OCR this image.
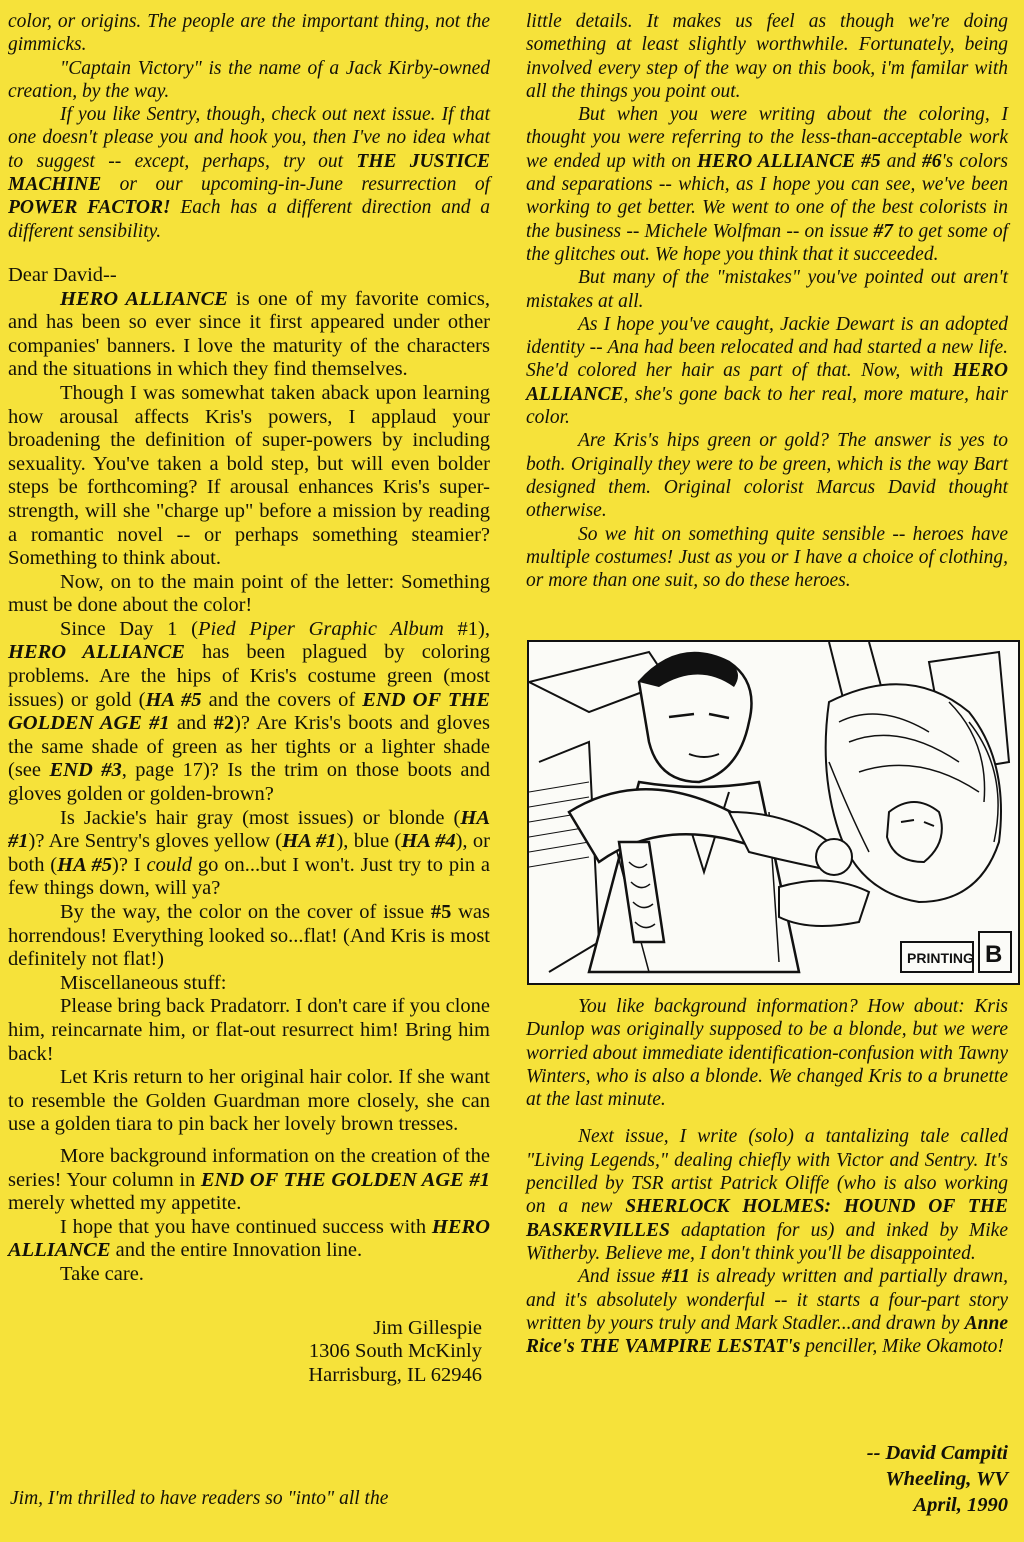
color, or origins. The people are the important thing, not the gimmicks.

"Captain Victory" is the name of a Jack Kirby-owned creation, by the way.

If you like Sentry, though, check out next issue. If that one doesn't please you and hook you, then I've no idea what to suggest -- except, perhaps, try out THE JUSTICE MACHINE or our upcoming-in-June resurrection of POWER FACTOR! Each has a different direction and a different sensibility.

Dear David--

HERO ALLIANCE is one of my favorite comics, and has been so ever since it first appeared under other companies' banners. I love the maturity of the characters and the situations in which they find themselves.

Though I was somewhat taken aback upon learning how arousal affects Kris's powers, I applaud your broadening the definition of super-powers by including sexuality. You've taken a bold step, but will even bolder steps be forthcoming? If arousal enhances Kris's super-strength, will she "charge up" before a mission by reading a romantic novel -- or perhaps something steamier? Something to think about.

Now, on to the main point of the letter: Something must be done about the color!

Since Day 1 (Pied Piper Graphic Album #1), HERO ALLIANCE has been plagued by coloring problems. Are the hips of Kris's costume green (most issues) or gold (HA #5 and the covers of END OF THE GOLDEN AGE #1 and #2)? Are Kris's boots and gloves the same shade of green as her tights or a lighter shade (see END #3, page 17)? Is the trim on those boots and gloves golden or golden-brown?

Is Jackie's hair gray (most issues) or blonde (HA #1)? Are Sentry's gloves yellow (HA #1), blue (HA #4), or both (HA #5)? I could go on...but I won't. Just try to pin a few things down, will ya?

By the way, the color on the cover of issue #5 was horrendous! Everything looked so...flat! (And Kris is most definitely not flat!)

Miscellaneous stuff:

Please bring back Pradatorr. I don't care if you clone him, reincarnate him, or flat-out resurrect him! Bring him back!

Let Kris return to her original hair color. If she want to resemble the Golden Guardman more closely, she can use a golden tiara to pin back her lovely brown tresses.

More background information on the creation of the series! Your column in END OF THE GOLDEN AGE #1 merely whetted my appetite.

I hope that you have continued success with HERO ALLIANCE and the entire Innovation line.

Take care.

Jim Gillespie
1306 South McKinly
Harrisburg, IL 62946

Jim, I'm thrilled to have readers so "into" all the

little details. It makes us feel as though we're doing something at least slightly worthwhile. Fortunately, being involved every step of the way on this book, i'm familar with all the things you point out.

But when you were writing about the coloring, I thought you were referring to the less-than-acceptable work we ended up with on HERO ALLIANCE #5 and #6's colors and separations -- which, as I hope you can see, we've been working to get better. We went to one of the best colorists in the business -- Michele Wolfman -- on issue #7 to get some of the glitches out. We hope you think that it succeeded.

But many of the "mistakes" you've pointed out aren't mistakes at all.

As I hope you've caught, Jackie Dewart is an adopted identity -- Ana had been relocated and had started a new life. She'd colored her hair as part of that. Now, with HERO ALLIANCE, she's gone back to her real, more mature, hair color.

Are Kris's hips green or gold? The answer is yes to both. Originally they were to be green, which is the way Bart designed them. Original colorist Marcus David thought otherwise.

So we hit on something quite sensible -- heroes have multiple costumes! Just as you or I have a choice of clothing, or more than one suit, so do these heroes.

PRINTING B

You like background information? How about: Kris Dunlop was originally supposed to be a blonde, but we were worried about immediate identification-confusion with Tawny Winters, who is also a blonde. We changed Kris to a brunette at the last minute.

Next issue, I write (solo) a tantalizing tale called "Living Legends," dealing chiefly with Victor and Sentry. It's pencilled by TSR artist Patrick Oliffe (who is also working on a new SHERLOCK HOLMES: HOUND OF THE BASKERVILLES adaptation for us) and inked by Mike Witherby. Believe me, I don't think you'll be disappointed.

And issue #11 is already written and partially drawn, and it's absolutely wonderful -- it starts a four-part story written by yours truly and Mark Stadler...and drawn by Anne Rice's THE VAMPIRE LESTAT's penciller, Mike Okamoto!

-- David Campiti
Wheeling, WV
April, 1990
